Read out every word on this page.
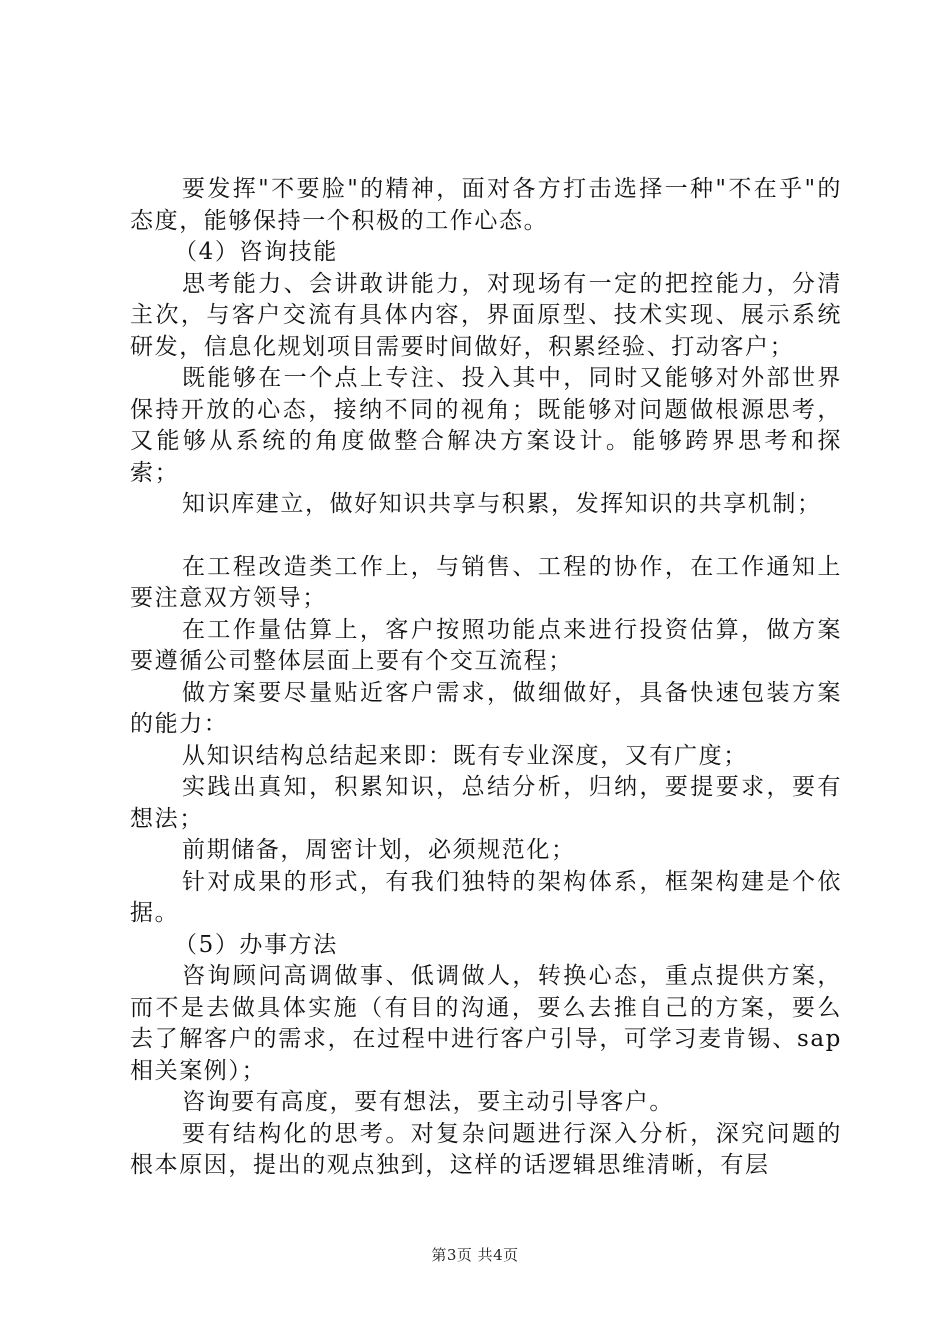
要发挥"不要脸"的精神，面对各方打击选择一种"不在乎"的态度，能够保持一个积极的工作心态。

（4）咨询技能

思考能力、会讲敢讲能力，对现场有一定的把控能力，分清主次，与客户交流有具体内容，界面原型、技术实现、展示系统研发，信息化规划项目需要时间做好，积累经验、打动客户；

既能够在一个点上专注、投入其中，同时又能够对外部世界保持开放的心态，接纳不同的视角；既能够对问题做根源思考，又能够从系统的角度做整合解决方案设计。能够跨界思考和探索；

知识库建立，做好知识共享与积累，发挥知识的共享机制；

在工程改造类工作上，与销售、工程的协作，在工作通知上要注意双方领导；

在工作量估算上，客户按照功能点来进行投资估算，做方案要遵循公司整体层面上要有个交互流程；

做方案要尽量贴近客户需求，做细做好，具备快速包装方案的能力：

从知识结构总结起来即：既有专业深度，又有广度；

实践出真知，积累知识，总结分析，归纳，要提要求，要有想法；

前期储备，周密计划，必须规范化；

针对成果的形式，有我们独特的架构体系，框架构建是个依据。

（5）办事方法

咨询顾问高调做事、低调做人，转换心态，重点提供方案，而不是去做具体实施（有目的沟通，要么去推自己的方案，要么去了解客户的需求，在过程中进行客户引导，可学习麦肯锡、sap 相关案例）；

咨询要有高度，要有想法，要主动引导客户。

要有结构化的思考。对复杂问题进行深入分析，深究问题的根本原因，提出的观点独到，这样的话逻辑思维清晰，有层

第3页 共4页
